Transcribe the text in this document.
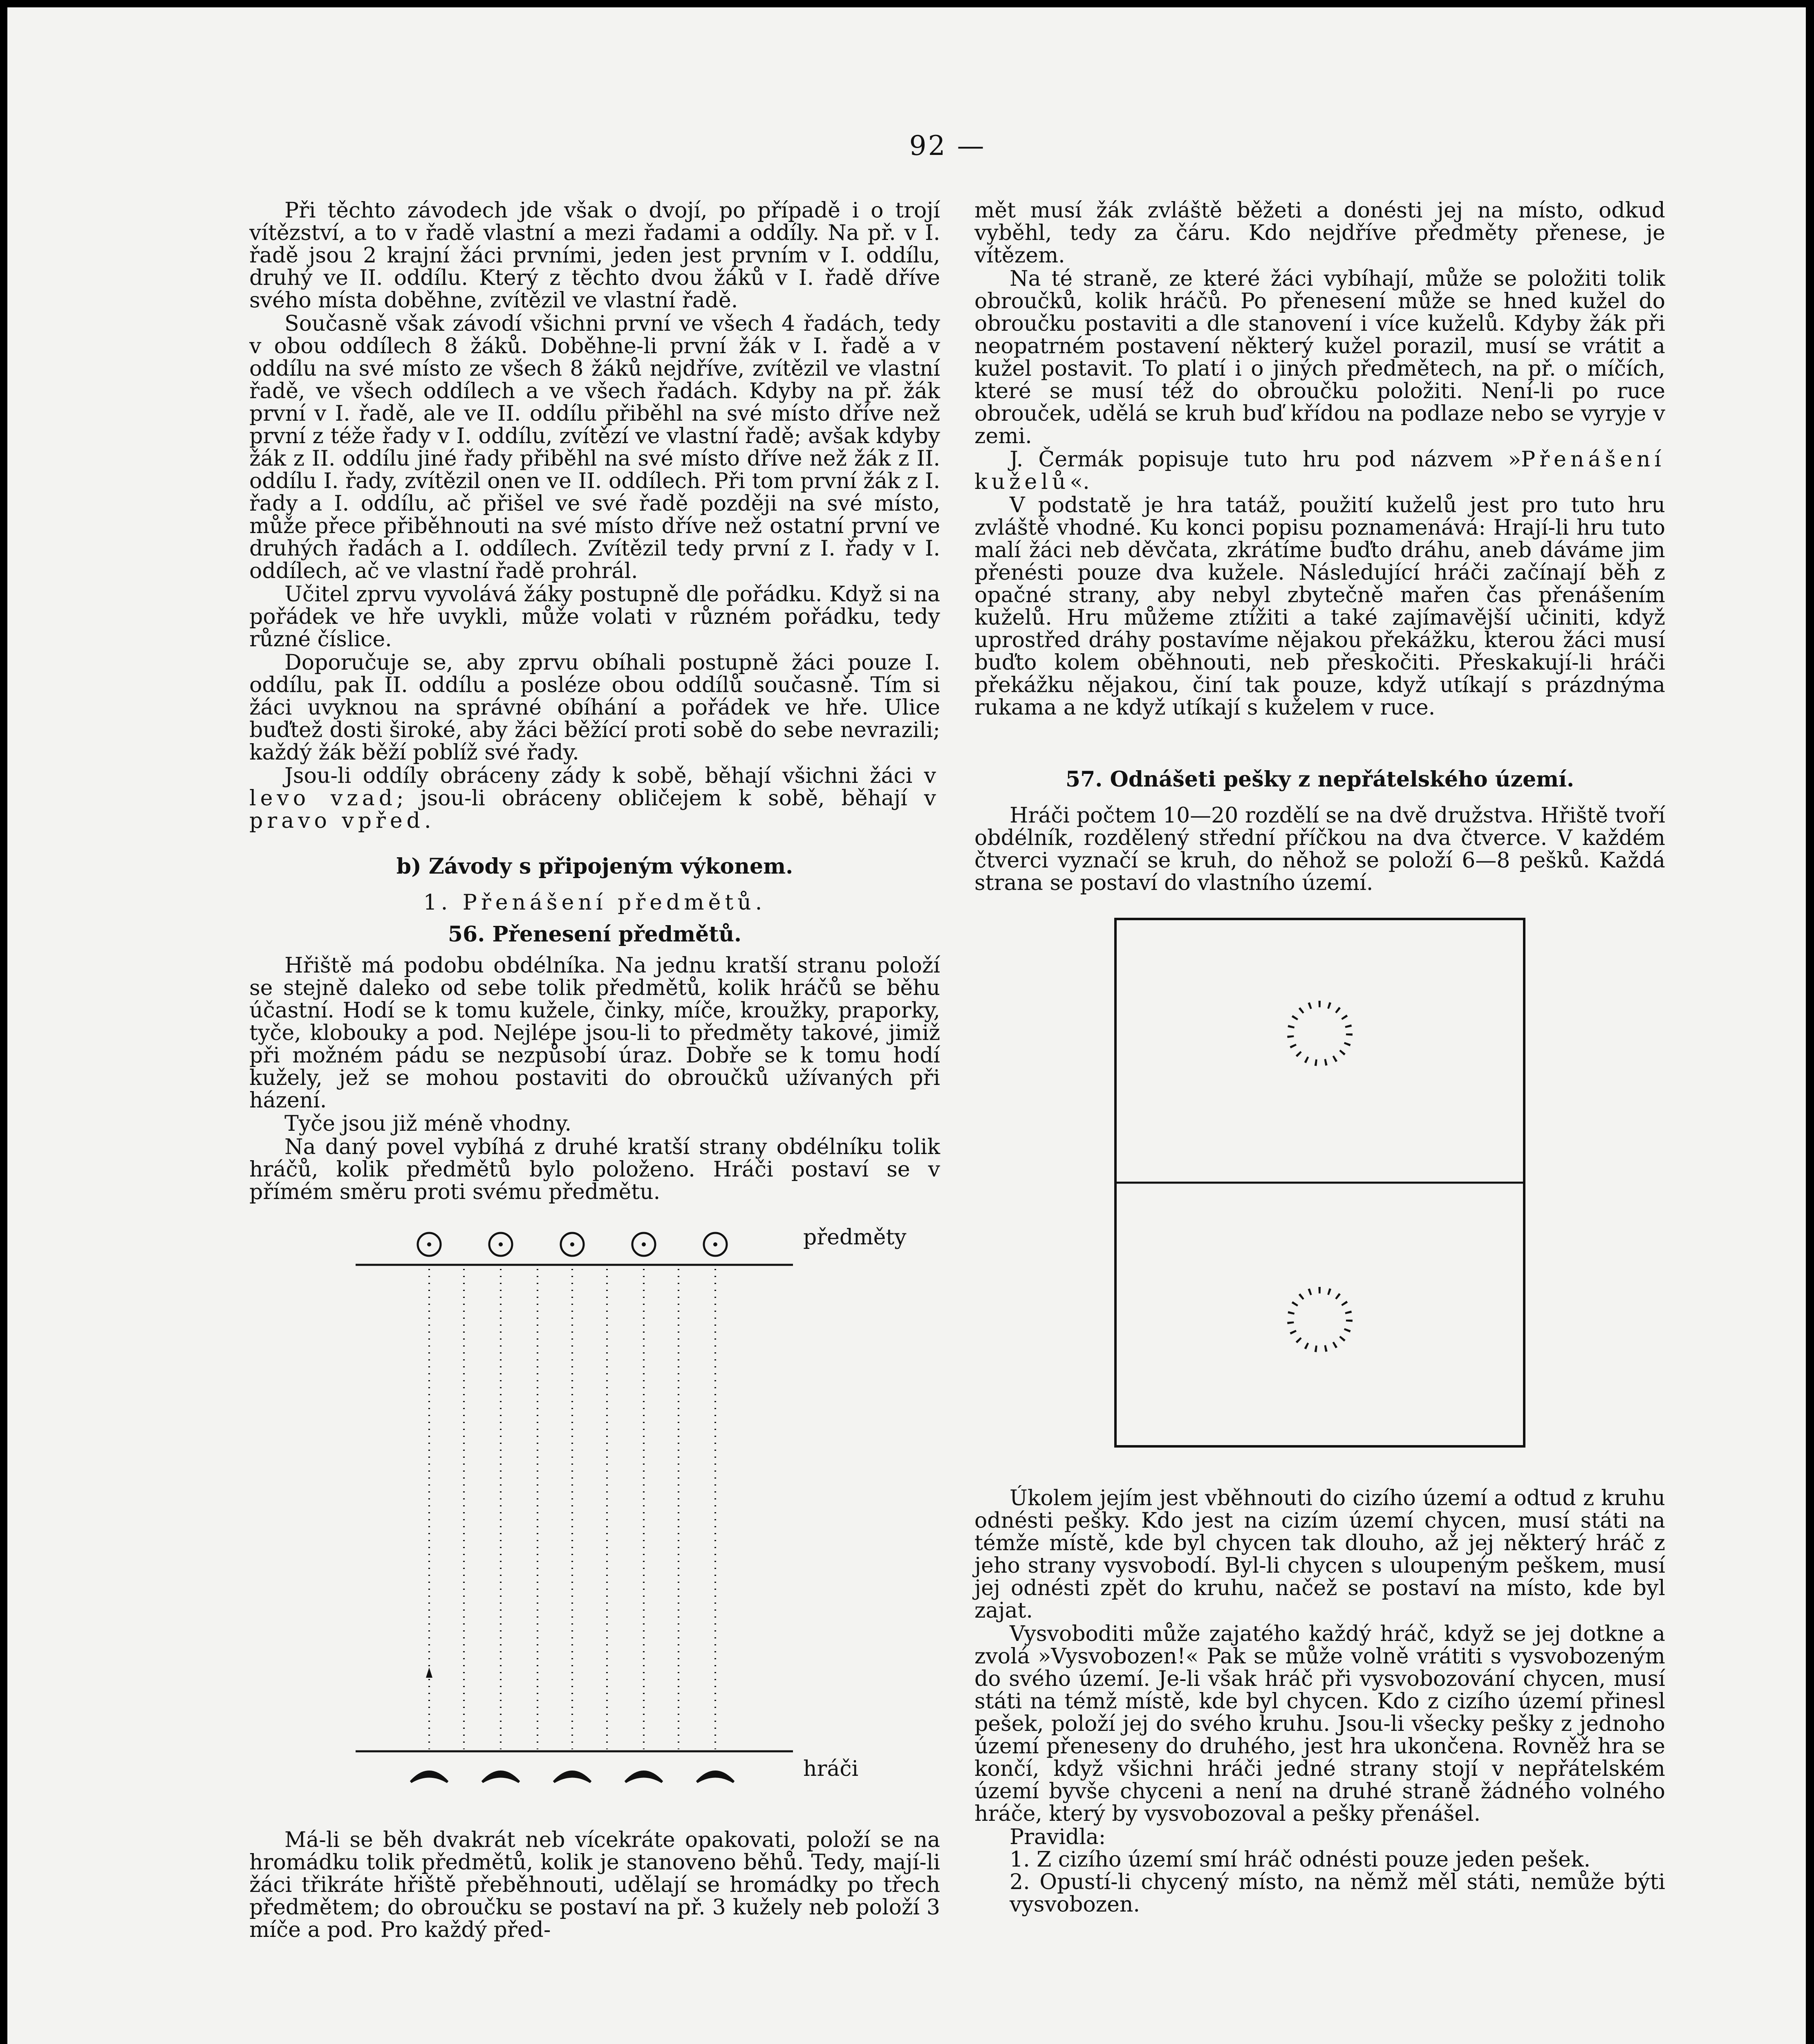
92 —

Při těchto závodech jde však o dvojí, po případě i o trojí vítězství, a to v řadě vlastní a mezi řadami a oddíly. Na př. v I. řadě jsou 2 krajní žáci prvními, jeden jest prvním v I. oddílu, druhý ve II. oddílu. Který z těchto dvou žáků v I. řadě dříve svého místa doběhne, zvítězil ve vlastní řadě.

Současně však závodí všichni první ve všech 4 řadách, tedy v obou oddílech 8 žáků. Doběhne-li první žák v I. řadě a v oddílu na své místo ze všech 8 žáků nejdříve, zvítězil ve vlastní řadě, ve všech oddílech a ve všech řadách. Kdyby na př. žák první v I. řadě, ale ve II. oddílu přiběhl na své místo dříve než první z téže řady v I. oddílu, zvítězí ve vlastní řadě; avšak kdyby žák z II. oddílu jiné řady přiběhl na své místo dříve než žák z II. oddílu I. řady, zvítězil onen ve II. oddílech. Při tom první žák z I. řady a I. oddílu, ač přišel ve své řadě později na své místo, může přece přiběhnouti na své místo dříve než ostatní první ve druhých řadách a I. oddílech. Zvítězil tedy první z I. řady v I. oddílech, ač ve vlastní řadě prohrál.

Učitel zprvu vyvolává žáky postupně dle pořádku. Když si na pořádek ve hře uvykli, může volati v různém pořádku, tedy různé číslice.

Doporučuje se, aby zprvu obíhali postupně žáci pouze I. oddílu, pak II. oddílu a posléze obou oddílů současně. Tím si žáci uvyknou na správné obíhání a pořádek ve hře. Ulice buďtež dosti široké, aby žáci běžící proti sobě do sebe nevrazili; každý žák běží poblíž své řady.

Jsou-li oddíly obráceny zády k sobě, běhají všichni žáci v levo vzad; jsou-li obráceny obličejem k sobě, běhají v pravo vpřed.

b) Závody s připojeným výkonem.
1. Přenášení předmětů.
56. Přenesení předmětů.

Hřiště má podobu obdélníka. Na jednu kratší stranu položí se stejně daleko od sebe tolik předmětů, kolik hráčů se běhu účastní. Hodí se k tomu kužele, činky, míče, kroužky, praporky, tyče, klobouky a pod. Nejlépe jsou-li to předměty takové, jimiž při možném pádu se nezpůsobí úraz. Dobře se k tomu hodí kužely, jež se mohou postaviti do obroučků užívaných při házení.

Tyče jsou již méně vhodny.

Na daný povel vybíhá z druhé kratší strany obdélníku tolik hráčů, kolik předmětů bylo položeno. Hráči postaví se v přímém směru proti svému předmětu.

předměty
hráči

Má-li se běh dvakrát neb vícekráte opakovati, položí se na hromádku tolik předmětů, kolik je stanoveno běhů. Tedy, mají-li žáci třikráte hřiště přeběhnouti, udělají se hromádky po třech předmětem; do obroučku se postaví na př. 3 kužely neb položí 3 míče a pod. Pro každý před-

mět musí žák zvláště běžeti a donésti jej na místo, odkud vyběhl, tedy za čáru. Kdo nejdříve předměty přenese, je vítězem.

Na té straně, ze které žáci vybíhají, může se položiti tolik obroučků, kolik hráčů. Po přenesení může se hned kužel do obroučku postaviti a dle stanovení i více kuželů. Kdyby žák při neopatrném postavení některý kužel porazil, musí se vrátit a kužel postavit. To platí i o jiných předmětech, na př. o míčích, které se musí též do obroučku položiti. Není-li po ruce obrouček, udělá se kruh buď křídou na podlaze nebo se vyryje v zemi.

J. Čermák popisuje tuto hru pod názvem »Přenášení kuželů«.

V podstatě je hra tatáž, použití kuželů jest pro tuto hru zvláště vhodné. Ku konci popisu poznamenává: Hrají-li hru tuto malí žáci neb děvčata, zkrátíme buďto dráhu, aneb dáváme jim přenésti pouze dva kužele. Následující hráči začínají běh z opačné strany, aby nebyl zbytečně mařen čas přenášením kuželů. Hru můžeme ztížiti a také zajímavější učiniti, když uprostřed dráhy postavíme nějakou překážku, kterou žáci musí buďto kolem oběhnouti, neb přeskočiti. Přeskakují-li hráči překážku nějakou, činí tak pouze, když utíkají s prázdnýma rukama a ne když utíkají s kuželem v ruce.

57. Odnášeti pešky z nepřátelského území.

Hráči počtem 10—20 rozdělí se na dvě družstva. Hřiště tvoří obdélník, rozdělený střední příčkou na dva čtverce. V každém čtverci vyznačí se kruh, do něhož se položí 6—8 pešků. Každá strana se postaví do vlastního území.

Úkolem jejím jest vběhnouti do cizího území a odtud z kruhu odnésti pešky. Kdo jest na cizím území chycen, musí státi na témže místě, kde byl chycen tak dlouho, až jej některý hráč z jeho strany vysvobodí. Byl-li chycen s uloupeným peškem, musí jej odnésti zpět do kruhu, načež se postaví na místo, kde byl zajat.

Vysvoboditi může zajatého každý hráč, když se jej dotkne a zvolá »Vysvobozen!« Pak se může volně vrátiti s vysvobozeným do svého území. Je-li však hráč při vysvobozování chycen, musí státi na témž místě, kde byl chycen. Kdo z cizího území přinesl pešek, položí jej do svého kruhu. Jsou-li všecky pešky z jednoho území přeneseny do druhého, jest hra ukončena. Rovněž hra se končí, když všichni hráči jedné strany stojí v nepřátelském území byvše chyceni a není na druhé straně žádného volného hráče, který by vysvobozoval a pešky přenášel.

Pravidla:

1. Z cizího území smí hráč odnésti pouze jeden pešek.
2. Opustí-li chycený místo, na němž měl státi, nemůže býti vysvobozen.
